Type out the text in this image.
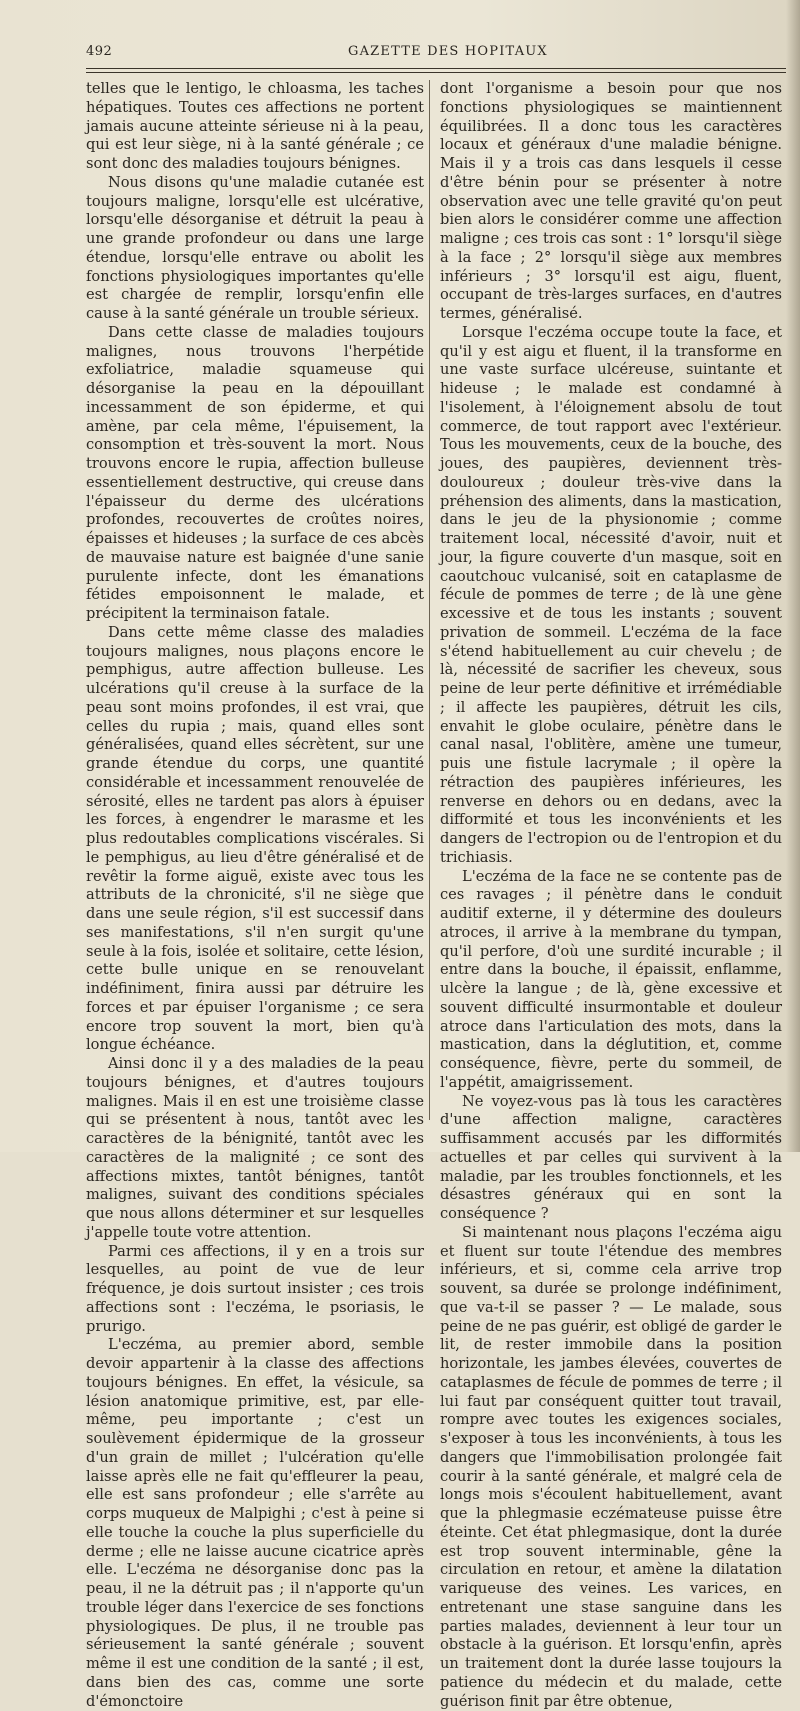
492	GAZETTE DES HOPITAUX

telles que le lentigo, le chloasma, les taches hépatiques. Toutes ces affections ne portent jamais aucune atteinte sérieuse ni à la peau, qui est leur siège, ni à la santé générale ; ce sont donc des maladies toujours bénignes.

Nous disons qu'une maladie cutanée est toujours maligne, lorsqu'elle est ulcérative, lorsqu'elle désorganise et détruit la peau à une grande profondeur ou dans une large étendue, lorsqu'elle entrave ou abolit les fonctions physiologiques importantes qu'elle est chargée de remplir, lorsqu'enfin elle cause à la santé générale un trouble sérieux.

Dans cette classe de maladies toujours malignes, nous trouvons l'herpétide exfoliatrice, maladie squameuse qui désorganise la peau en la dépouillant incessamment de son épiderme, et qui amène, par cela même, l'épuisement, la consomption et très-souvent la mort. Nous trouvons encore le rupia, affection bulleuse essentiellement destructive, qui creuse dans l'épaisseur du derme des ulcérations profondes, recouvertes de croûtes noires, épaisses et hideuses ; la surface de ces abcès de mauvaise nature est baignée d'une sanie purulente infecte, dont les émanations fétides empoisonnent le malade, et précipitent la terminaison fatale.

Dans cette même classe des maladies toujours malignes, nous plaçons encore le pemphigus, autre affection bulleuse. Les ulcérations qu'il creuse à la surface de la peau sont moins profondes, il est vrai, que celles du rupia ; mais, quand elles sont généralisées, quand elles sécrètent, sur une grande étendue du corps, une quantité considérable et incessamment renouvelée de sérosité, elles ne tardent pas alors à épuiser les forces, à engendrer le marasme et les plus redoutables complications viscérales. Si le pemphigus, au lieu d'être généralisé et de revêtir la forme aiguë, existe avec tous les attributs de la chronicité, s'il ne siège que dans une seule région, s'il est successif dans ses manifestations, s'il n'en surgit qu'une seule à la fois, isolée et solitaire, cette lésion, cette bulle unique en se renouvelant indéfiniment, finira aussi par détruire les forces et par épuiser l'organisme ; ce sera encore trop souvent la mort, bien qu'à longue échéance.

Ainsi donc il y a des maladies de la peau toujours bénignes, et d'autres toujours malignes. Mais il en est une troisième classe qui se présentent à nous, tantôt avec les caractères de la bénignité, tantôt avec les caractères de la malignité ; ce sont des affections mixtes, tantôt bénignes, tantôt malignes, suivant des conditions spéciales que nous allons déterminer et sur lesquelles j'appelle toute votre attention.

Parmi ces affections, il y en a trois sur lesquelles, au point de vue de leur fréquence, je dois surtout insister ; ces trois affections sont : l'eczéma, le psoriasis, le prurigo.

L'eczéma, au premier abord, semble devoir appartenir à la classe des affections toujours bénignes. En effet, la vésicule, sa lésion anatomique primitive, est, par elle-même, peu importante ; c'est un soulèvement épidermique de la grosseur d'un grain de millet ; l'ulcération qu'elle laisse après elle ne fait qu'effleurer la peau, elle est sans profondeur ; elle s'arrête au corps muqueux de Malpighi ; c'est à peine si elle touche la couche la plus superficielle du derme ; elle ne laisse aucune cicatrice après elle. L'eczéma ne désorganise donc pas la peau, il ne la détruit pas ; il n'apporte qu'un trouble léger dans l'exercice de ses fonctions physiologiques. De plus, il ne trouble pas sérieusement la santé générale ; souvent même il est une condition de la santé ; il est, dans bien des cas, comme une sorte d'émonctoire

dont l'organisme a besoin pour que nos fonctions physiologiques se maintiennent équilibrées. Il a donc tous les caractères locaux et généraux d'une maladie bénigne. Mais il y a trois cas dans lesquels il cesse d'être bénin pour se présenter à notre observation avec une telle gravité qu'on peut bien alors le considérer comme une affection maligne ; ces trois cas sont : 1° lorsqu'il siège à la face ; 2° lorsqu'il siège aux membres inférieurs ; 3° lorsqu'il est aigu, fluent, occupant de très-larges surfaces, en d'autres termes, généralisé.

Lorsque l'eczéma occupe toute la face, et qu'il y est aigu et fluent, il la transforme en une vaste surface ulcéreuse, suintante et hideuse ; le malade est condamné à l'isolement, à l'éloignement absolu de tout commerce, de tout rapport avec l'extérieur. Tous les mouvements, ceux de la bouche, des joues, des paupières, deviennent très-douloureux ; douleur très-vive dans la préhension des aliments, dans la mastication, dans le jeu de la physionomie ; comme traitement local, nécessité d'avoir, nuit et jour, la figure couverte d'un masque, soit en caoutchouc vulcanisé, soit en cataplasme de fécule de pommes de terre ; de là une gène excessive et de tous les instants ; souvent privation de sommeil. L'eczéma de la face s'étend habituellement au cuir chevelu ; de là, nécessité de sacrifier les cheveux, sous peine de leur perte définitive et irrémédiable ; il affecte les paupières, détruit les cils, envahit le globe oculaire, pénètre dans le canal nasal, l'oblitère, amène une tumeur, puis une fistule lacrymale ; il opère la rétraction des paupières inférieures, les renverse en dehors ou en dedans, avec la difformité et tous les inconvénients et les dangers de l'ectropion ou de l'entropion et du trichiasis.

L'eczéma de la face ne se contente pas de ces ravages ; il pénètre dans le conduit auditif externe, il y détermine des douleurs atroces, il arrive à la membrane du tympan, qu'il perfore, d'où une surdité incurable ; il entre dans la bouche, il épaissit, enflamme, ulcère la langue ; de là, gène excessive et souvent difficulté insurmontable et douleur atroce dans l'articulation des mots, dans la mastication, dans la déglutition, et, comme conséquence, fièvre, perte du sommeil, de l'appétit, amaigrissement.

Ne voyez-vous pas là tous les caractères d'une affection maligne, caractères suffisamment accusés par les difformités actuelles et par celles qui survivent à la maladie, par les troubles fonctionnels, et les désastres généraux qui en sont la conséquence ?

Si maintenant nous plaçons l'eczéma aigu et fluent sur toute l'étendue des membres inférieurs, et si, comme cela arrive trop souvent, sa durée se prolonge indéfiniment, que va-t-il se passer ? — Le malade, sous peine de ne pas guérir, est obligé de garder le lit, de rester immobile dans la position horizontale, les jambes élevées, couvertes de cataplasmes de fécule de pommes de terre ; il lui faut par conséquent quitter tout travail, rompre avec toutes les exigences sociales, s'exposer à tous les inconvénients, à tous les dangers que l'immobilisation prolongée fait courir à la santé générale, et malgré cela de longs mois s'écoulent habituellement, avant que la phlegmasie eczémateuse puisse être éteinte. Cet état phlegmasique, dont la durée est trop souvent interminable, gêne la circulation en retour, et amène la dilatation variqueuse des veines. Les varices, en entretenant une stase sanguine dans les parties malades, deviennent à leur tour un obstacle à la guérison. Et lorsqu'enfin, après un traitement dont la durée lasse toujours la patience du médecin et du malade, cette guérison finit par être obtenue,
